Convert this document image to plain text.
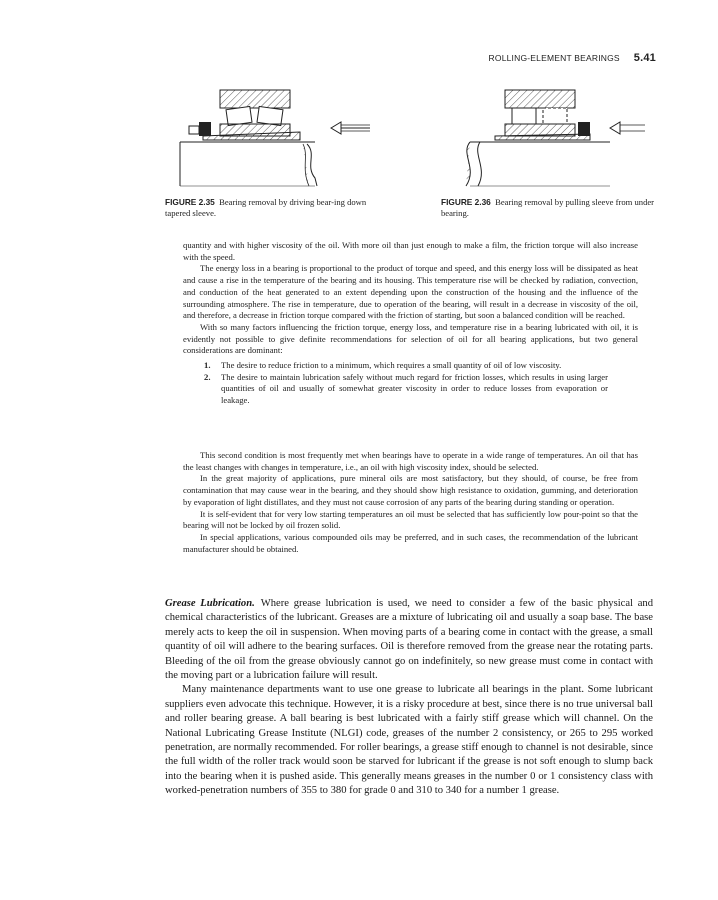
ROLLING-ELEMENT BEARINGS 5.41
FIGURE 2.35 Bearing removal by driving bear-ing down tapered sleeve.
FIGURE 2.36 Bearing removal by pulling sleeve from under bearing.

quantity and with higher viscosity of the oil. With more oil than just enough to make a film, the friction torque will also increase with the speed.

The energy loss in a bearing is proportional to the product of torque and speed, and this energy loss will be dissipated as heat and cause a rise in the temperature of the bearing and its housing. This temperature rise will be checked by radiation, convection, and conduction of the heat generated to an extent depending upon the construction of the housing and the influence of the surrounding atmosphere. The rise in temperature, due to operation of the bearing, will result in a decrease in viscosity of the oil, and therefore, a decrease in friction torque compared with the friction of starting, but soon a balanced condition will be reached.

With so many factors influencing the friction torque, energy loss, and temperature rise in a bearing lubricated with oil, it is evidently not possible to give definite recommendations for selection of oil for all bearing applications, but two general considerations are dominant:

1. The desire to reduce friction to a minimum, which requires a small quantity of oil of low viscosity.
2. The desire to maintain lubrication safely without much regard for friction losses, which results in using larger quantities of oil and usually of somewhat greater viscosity in order to reduce losses from evaporation or leakage.

This second condition is most frequently met when bearings have to operate in a wide range of temperatures. An oil that has the least changes with changes in temperature, i.e., an oil with high viscosity index, should be selected.

In the great majority of applications, pure mineral oils are most satisfactory, but they should, of course, be free from contamination that may cause wear in the bearing, and they should show high resistance to oxidation, gumming, and deterioration by evaporation of light distillates, and they must not cause corrosion of any parts of the bearing during standing or operation.

It is self-evident that for very low starting temperatures an oil must be selected that has sufficiently low pour-point so that the bearing will not be locked by oil frozen solid.

In special applications, various compounded oils may be preferred, and in such cases, the recommendation of the lubricant manufacturer should be obtained.

Grease Lubrication. Where grease lubrication is used, we need to consider a few of the basic physical and chemical characteristics of the lubricant. Greases are a mixture of lubricating oil and usually a soap base. The base merely acts to keep the oil in suspension. When moving parts of a bearing come in contact with the grease, a small quantity of oil will adhere to the bearing surfaces. Oil is therefore removed from the grease near the rotating parts. Bleeding of the oil from the grease obviously cannot go on indefinitely, so new grease must come in contact with the moving part or a lubrication failure will result.

Many maintenance departments want to use one grease to lubricate all bearings in the plant. Some lubricant suppliers even advocate this technique. However, it is a risky procedure at best, since there is no true universal ball and roller bearing grease. A ball bearing is best lubricated with a fairly stiff grease which will channel. On the National Lubricating Grease Institute (NLGI) code, greases of the number 2 consistency, or 265 to 295 worked penetration, are normally recommended. For roller bearings, a grease stiff enough to channel is not desirable, since the full width of the roller track would soon be starved for lubricant if the grease is not soft enough to slump back into the bearing when it is pushed aside. This generally means greases in the number 0 or 1 consistency class with worked-penetration numbers of 355 to 380 for grade 0 and 310 to 340 for a number 1 grease.
